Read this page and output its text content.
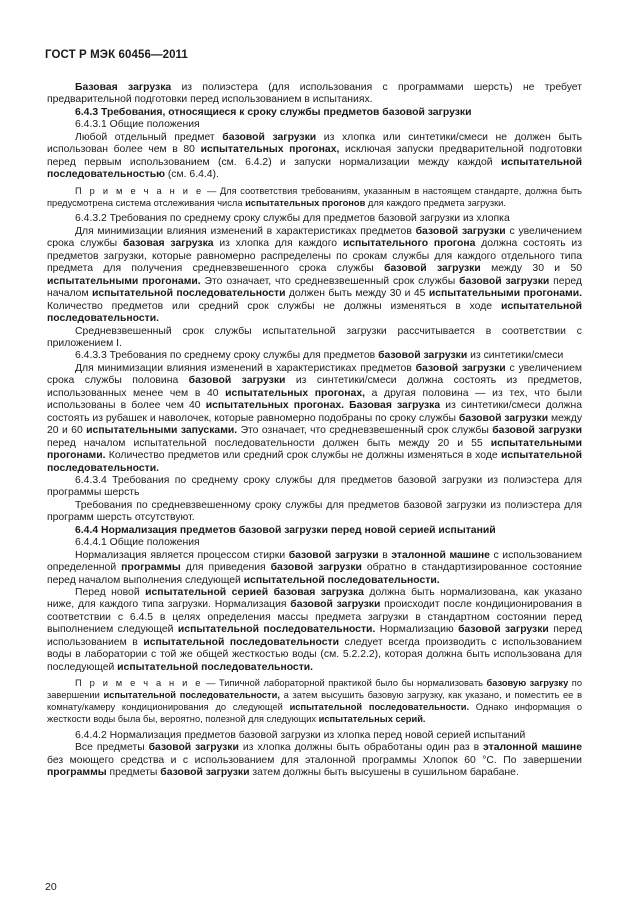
ГОСТ Р МЭК 60456—2011

Базовая загрузка из полиэстера (для использования с программами шерсть) не требует предварительной подготовки перед использованием в испытаниях.

6.4.3 Требования, относящиеся к сроку службы предметов базовой загрузки

6.4.3.1 Общие положения

Любой отдельный предмет базовой загрузки из хлопка или синтетики/смеси не должен быть использован более чем в 80 испытательных прогонах, исключая запуски предварительной подготовки перед первым использованием (см. 6.4.2) и запуски нормализации между каждой испытательной последовательностью (см. 6.4.4).

П р и м е ч а н и е — Для соответствия требованиям, указанным в настоящем стандарте, должна быть предусмотрена система отслеживания числа испытательных прогонов для каждого предмета загрузки.

6.4.3.2 Требования по среднему сроку службы для предметов базовой загрузки из хлопка

Для минимизации влияния изменений в характеристиках предметов базовой загрузки с увеличением срока службы базовая загрузка из хлопка для каждого испытательного прогона должна состоять из предметов загрузки, которые равномерно распределены по срокам службы для каждого отдельного типа предмета для получения средневзвешенного срока службы базовой загрузки между 30 и 50 испытательными прогонами. Это означает, что средневзвешенный срок службы базовой загрузки перед началом испытательной последовательности должен быть между 30 и 45 испытательными прогонами. Количество предметов или средний срок службы не должны изменяться в ходе испытательной последовательности.

Средневзвешенный срок службы испытательной загрузки рассчитывается в соответствии с приложением I.

6.4.3.3 Требования по среднему сроку службы для предметов базовой загрузки из синтетики/смеси

Для минимизации влияния изменений в характеристиках предметов базовой загрузки с увеличением срока службы половина базовой загрузки из синтетики/смеси должна состоять из предметов, использованных менее чем в 40 испытательных прогонах, а другая половина — из тех, что были использованы в более чем 40 испытательных прогонах. Базовая загрузка из синтетики/смеси должна состоять из рубашек и наволочек, которые равномерно подобраны по сроку службы базовой загрузки между 20 и 60 испытательными запусками. Это означает, что средневзвешенный срок службы базовой загрузки перед началом испытательной последовательности должен быть между 20 и 55 испытательными прогонами. Количество предметов или средний срок службы не должны изменяться в ходе испытательной последовательности.

6.4.3.4 Требования по среднему сроку службы для предметов базовой загрузки из полиэстера для программы шерсть

Требования по средневзвешенному сроку службы для предметов базовой загрузки из полиэстера для программ шерсть отсутствуют.

6.4.4 Нормализация предметов базовой загрузки перед новой серией испытаний

6.4.4.1 Общие положения

Нормализация является процессом стирки базовой загрузки в эталонной машине с использованием определенной программы для приведения базовой загрузки обратно в стандартизированное состояние перед началом выполнения следующей испытательной последовательности.

Перед новой испытательной серией базовая загрузка должна быть нормализована, как указано ниже, для каждого типа загрузки. Нормализация базовой загрузки происходит после кондиционирования в соответствии с 6.4.5 в целях определения массы предмета загрузки в стандартном состоянии перед выполнением следующей испытательной последовательности. Нормализацию базовой загрузки перед использованием в испытательной последовательности следует всегда производить с использованием воды в лаборатории с той же общей жесткостью воды (см. 5.2.2.2), которая должна быть использована для последующей испытательной последовательности.

П р и м е ч а н и е — Типичной лабораторной практикой было бы нормализовать базовую загрузку по завершении испытательной последовательности, а затем высушить базовую загрузку, как указано, и поместить ее в комнату/камеру кондиционирования до следующей испытательной последовательности. Однако информация о жесткости воды была бы, вероятно, полезной для следующих испытательных серий.

6.4.4.2 Нормализация предметов базовой загрузки из хлопка перед новой серией испытаний

Все предметы базовой загрузки из хлопка должны быть обработаны один раз в эталонной машине без моющего средства и с использованием для эталонной программы Хлопок 60 °С. По завершении программы предметы базовой загрузки затем должны быть высушены в сушильном барабане.

20
